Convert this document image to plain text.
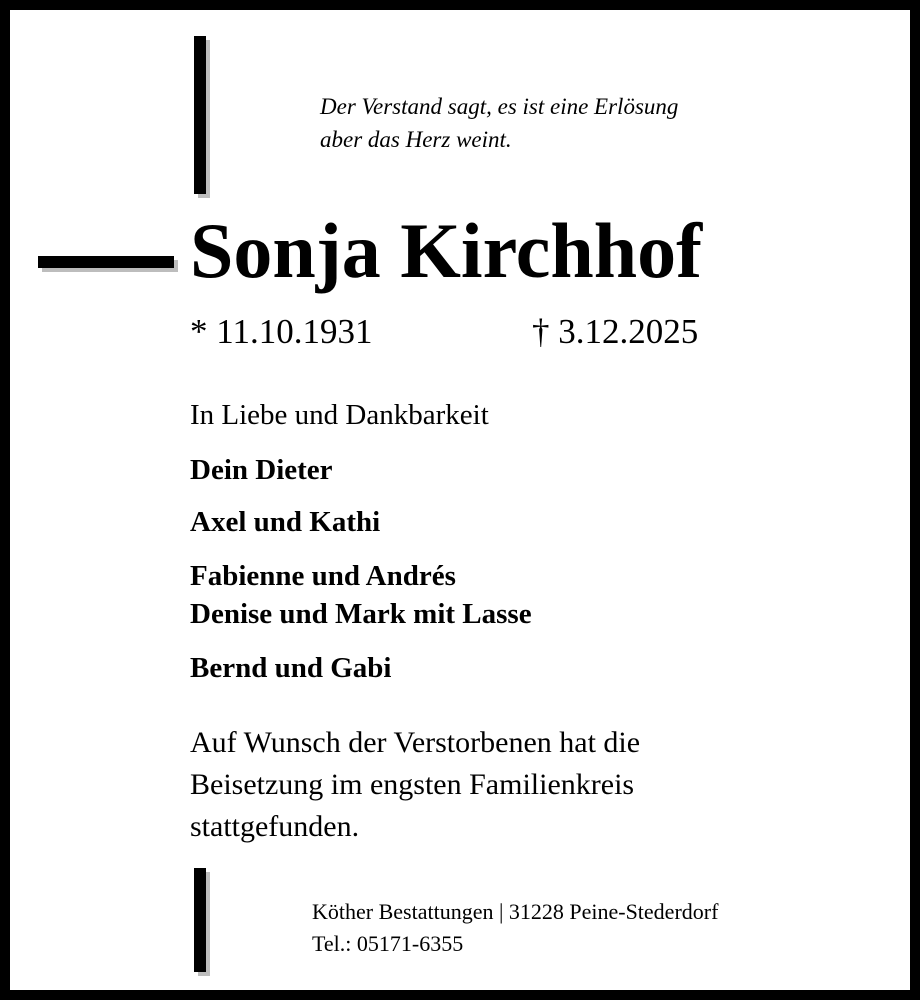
Der Verstand sagt, es ist eine Erlösung
aber das Herz weint.
Sonja Kirchhof
* 11.10.1931	† 3.12.2025
In Liebe und Dankbarkeit
Dein Dieter
Axel und Kathi
Fabienne und Andrés
Denise und Mark mit Lasse
Bernd und Gabi
Auf Wunsch der Verstorbenen hat die
Beisetzung im engsten Familienkreis
stattgefunden.
Köther Bestattungen | 31228 Peine-Stederdorf
Tel.: 05171-6355
